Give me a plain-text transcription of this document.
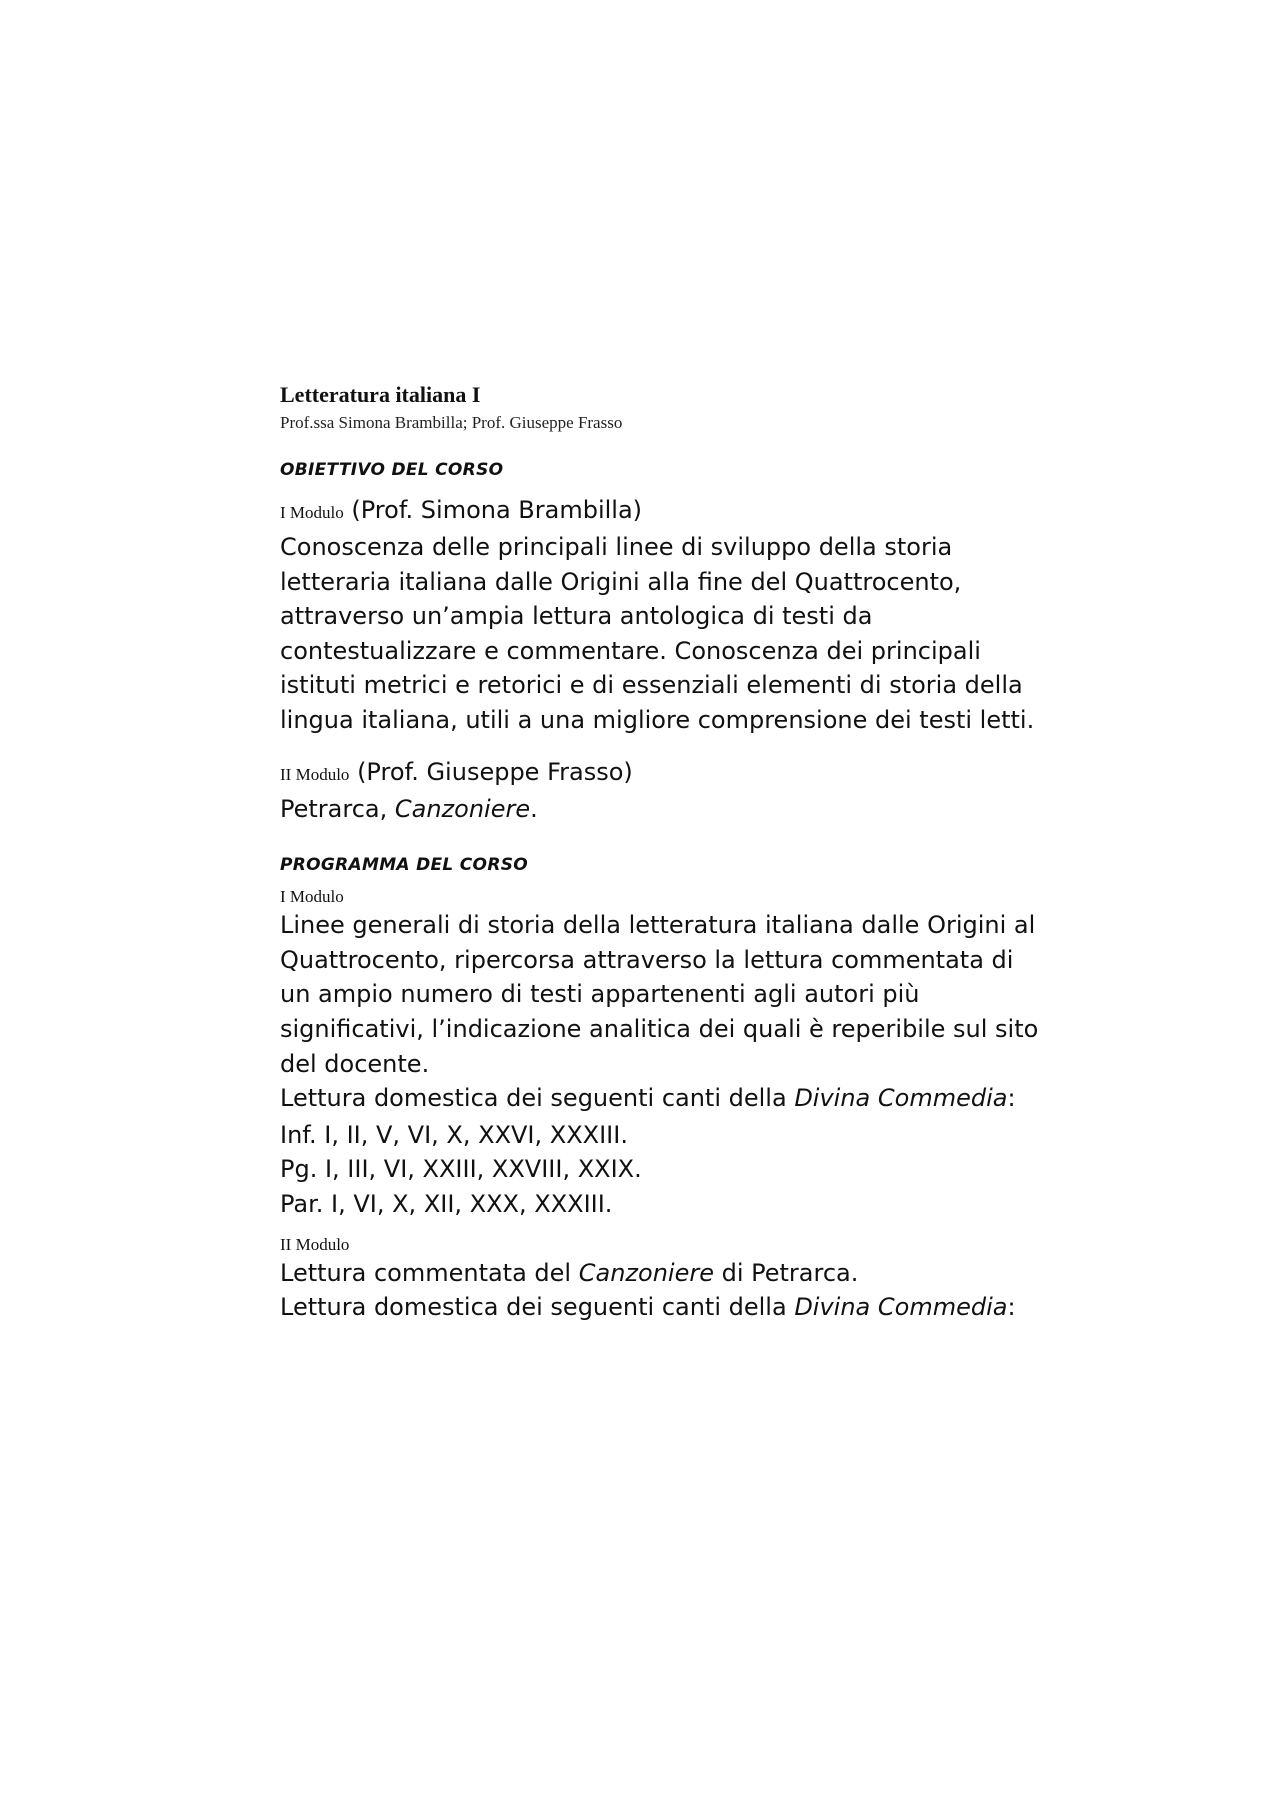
Letteratura italiana I

Prof.ssa Simona Brambilla; Prof. Giuseppe Frasso

OBIETTIVO DEL CORSO

I Modulo (Prof. Simona Brambilla)

Conoscenza delle principali linee di sviluppo della storia letteraria italiana dalle Origini alla fine del Quattrocento, attraverso un’ampia lettura antologica di testi da contestualizzare e commentare. Conoscenza dei principali istituti metrici e retorici e di essenziali elementi di storia della lingua italiana, utili a una migliore comprensione dei testi letti.

II Modulo (Prof. Giuseppe Frasso)

Petrarca, Canzoniere.

PROGRAMMA DEL CORSO

I Modulo

Linee generali di storia della letteratura italiana dalle Origini al Quattrocento, ripercorsa attraverso la lettura commentata di un ampio numero di testi appartenenti agli autori più significativi, l’indicazione analitica dei quali è reperibile sul sito del docente.

Lettura domestica dei seguenti canti della Divina Commedia:

Inf. I, II, V, VI, X, XXVI, XXXIII.

Pg. I, III, VI, XXIII, XXVIII, XXIX.

Par. I, VI, X, XII, XXX, XXXIII.

II Modulo

Lettura commentata del Canzoniere di Petrarca.

Lettura domestica dei seguenti canti della Divina Commedia:
